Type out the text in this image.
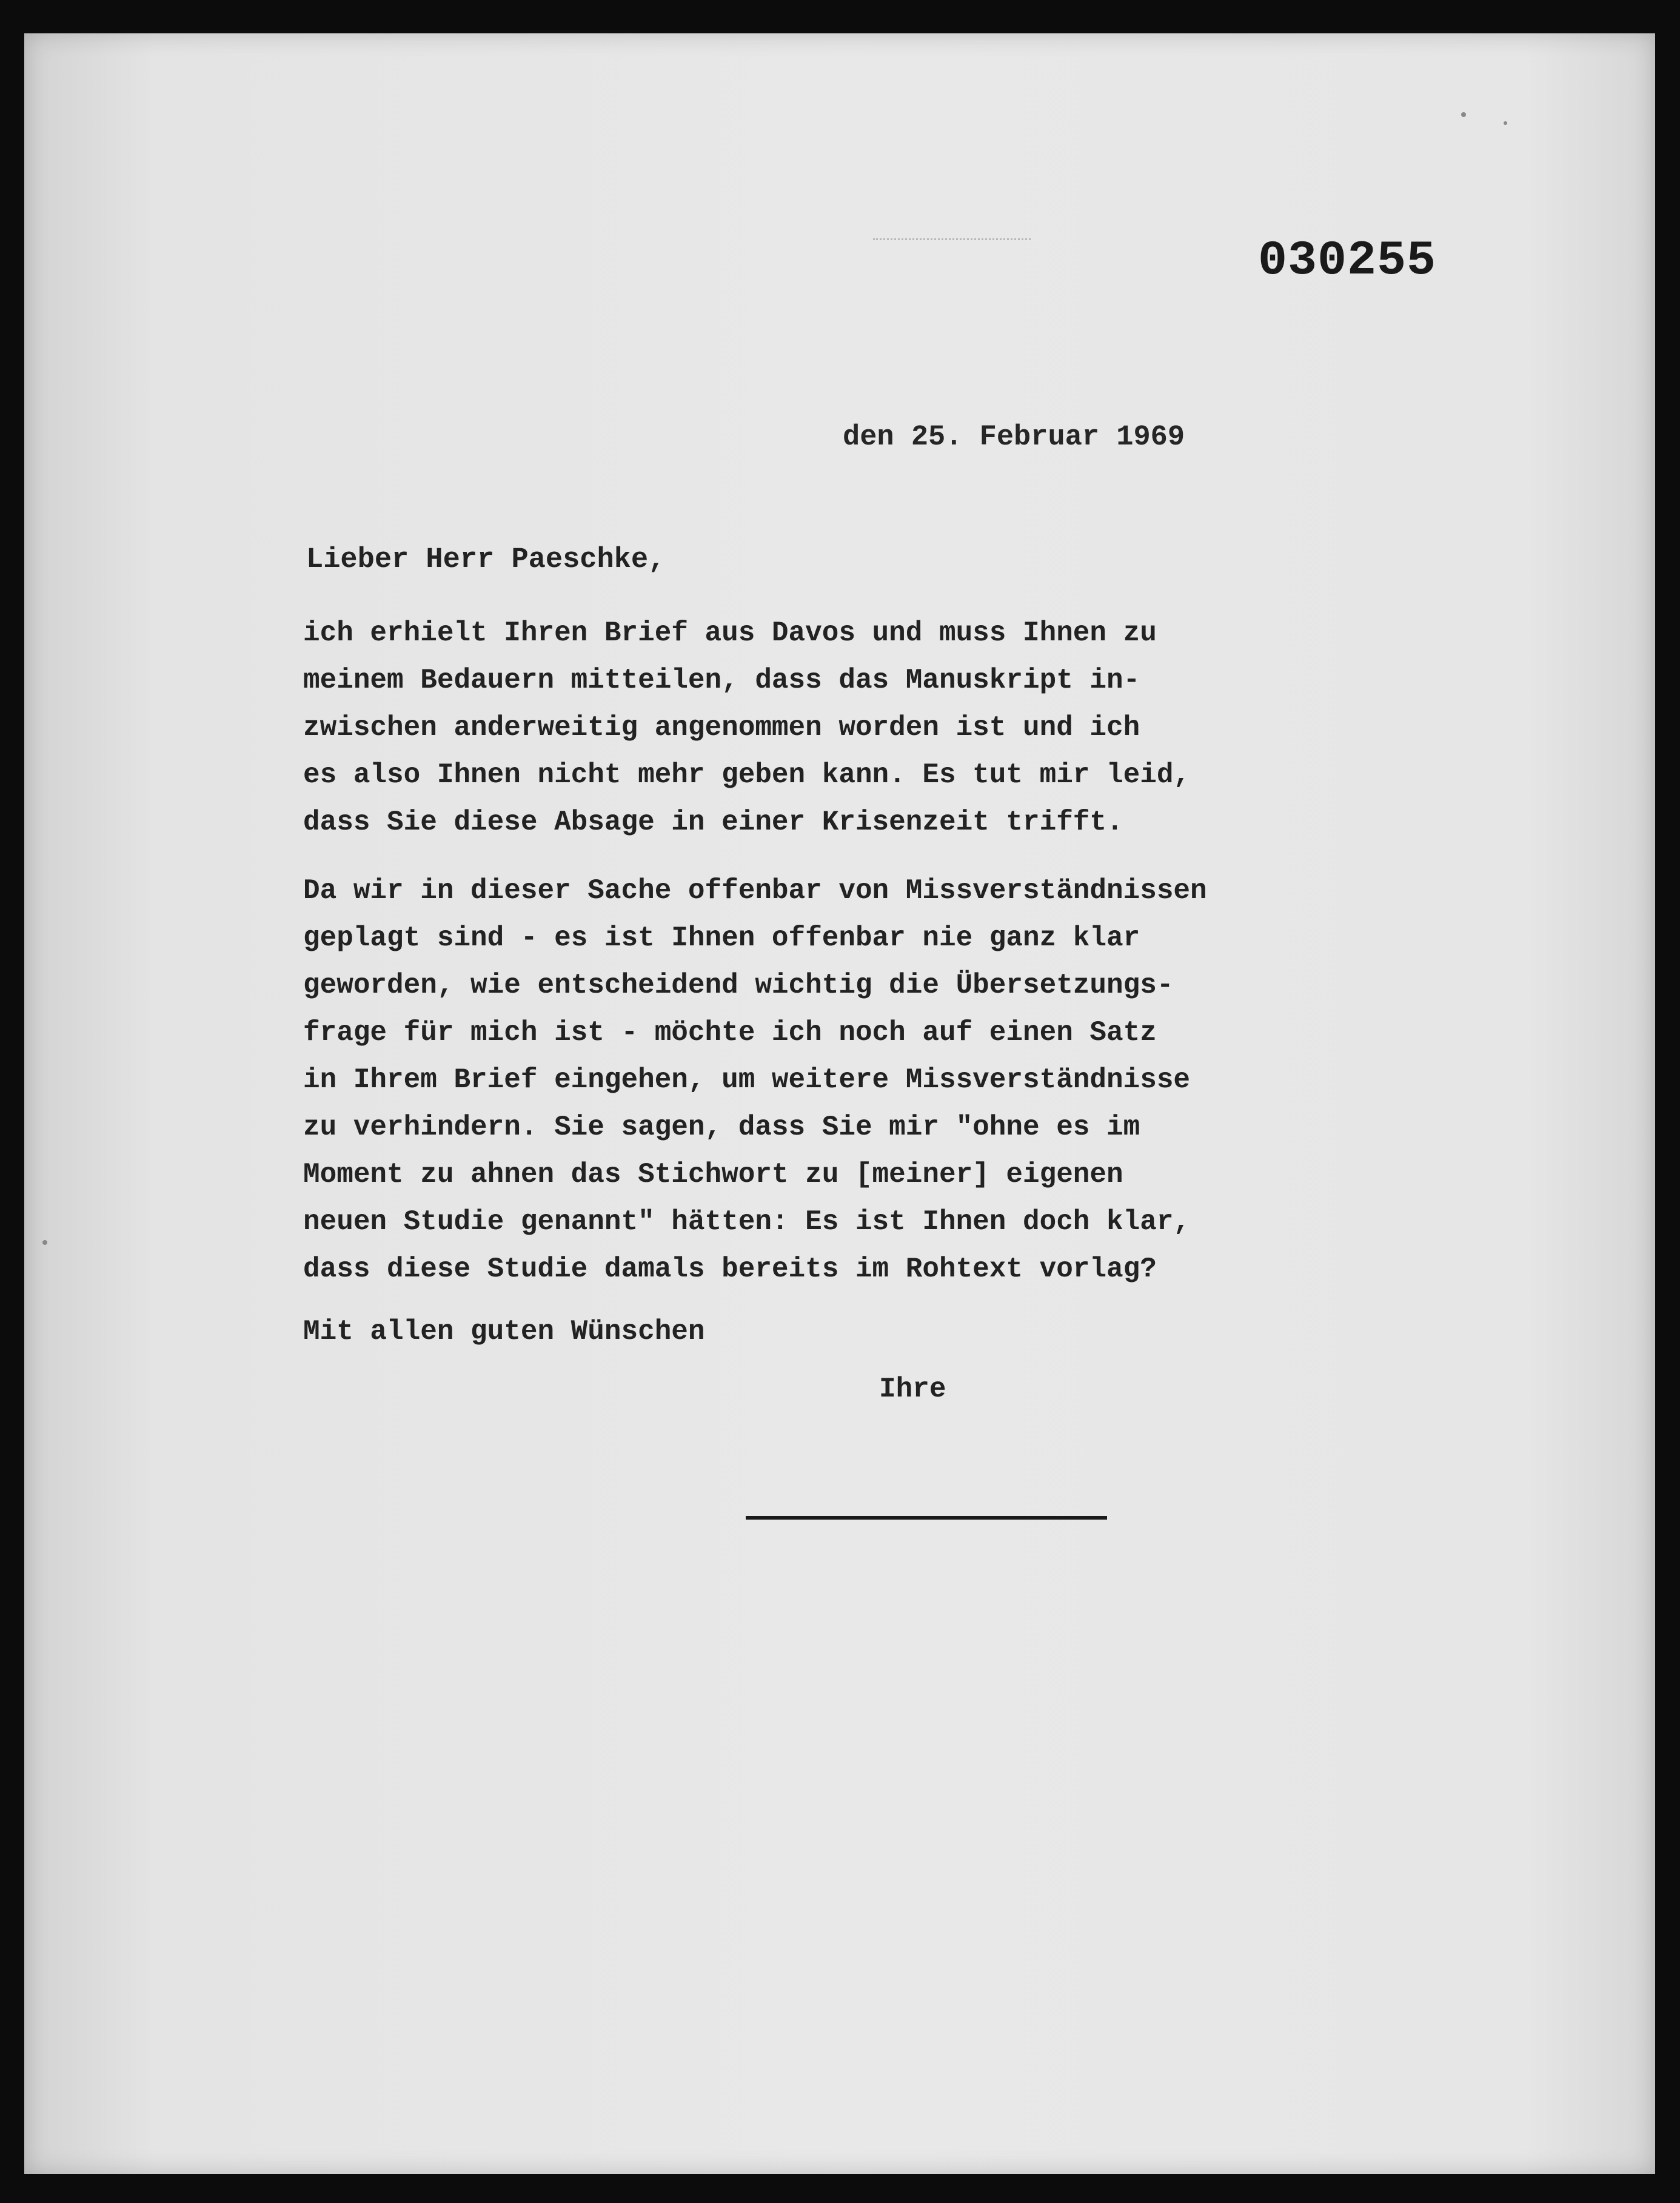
030255
den 25. Februar 1969
Lieber Herr Paeschke,

ich erhielt Ihren Brief aus Davos und muss Ihnen zu
meinem Bedauern mitteilen, dass das Manuskript in-
zwischen anderweitig angenommen worden ist und ich
es also Ihnen nicht mehr geben kann. Es tut mir leid,
dass Sie diese Absage in einer Krisenzeit trifft.

Da wir in dieser Sache offenbar von Missverständnissen
geplagt sind - es ist Ihnen offenbar nie ganz klar
geworden, wie entscheidend wichtig die Übersetzungs-
frage für mich ist - möchte ich noch auf einen Satz
in Ihrem Brief eingehen, um weitere Missverständnisse
zu verhindern. Sie sagen, dass Sie mir "ohne es im
Moment zu ahnen das Stichwort zu [meiner] eigenen
neuen Studie genannt" hätten: Es ist Ihnen doch klar,
dass diese Studie damals bereits im Rohtext vorlag?

Mit allen guten Wünschen
Ihre
